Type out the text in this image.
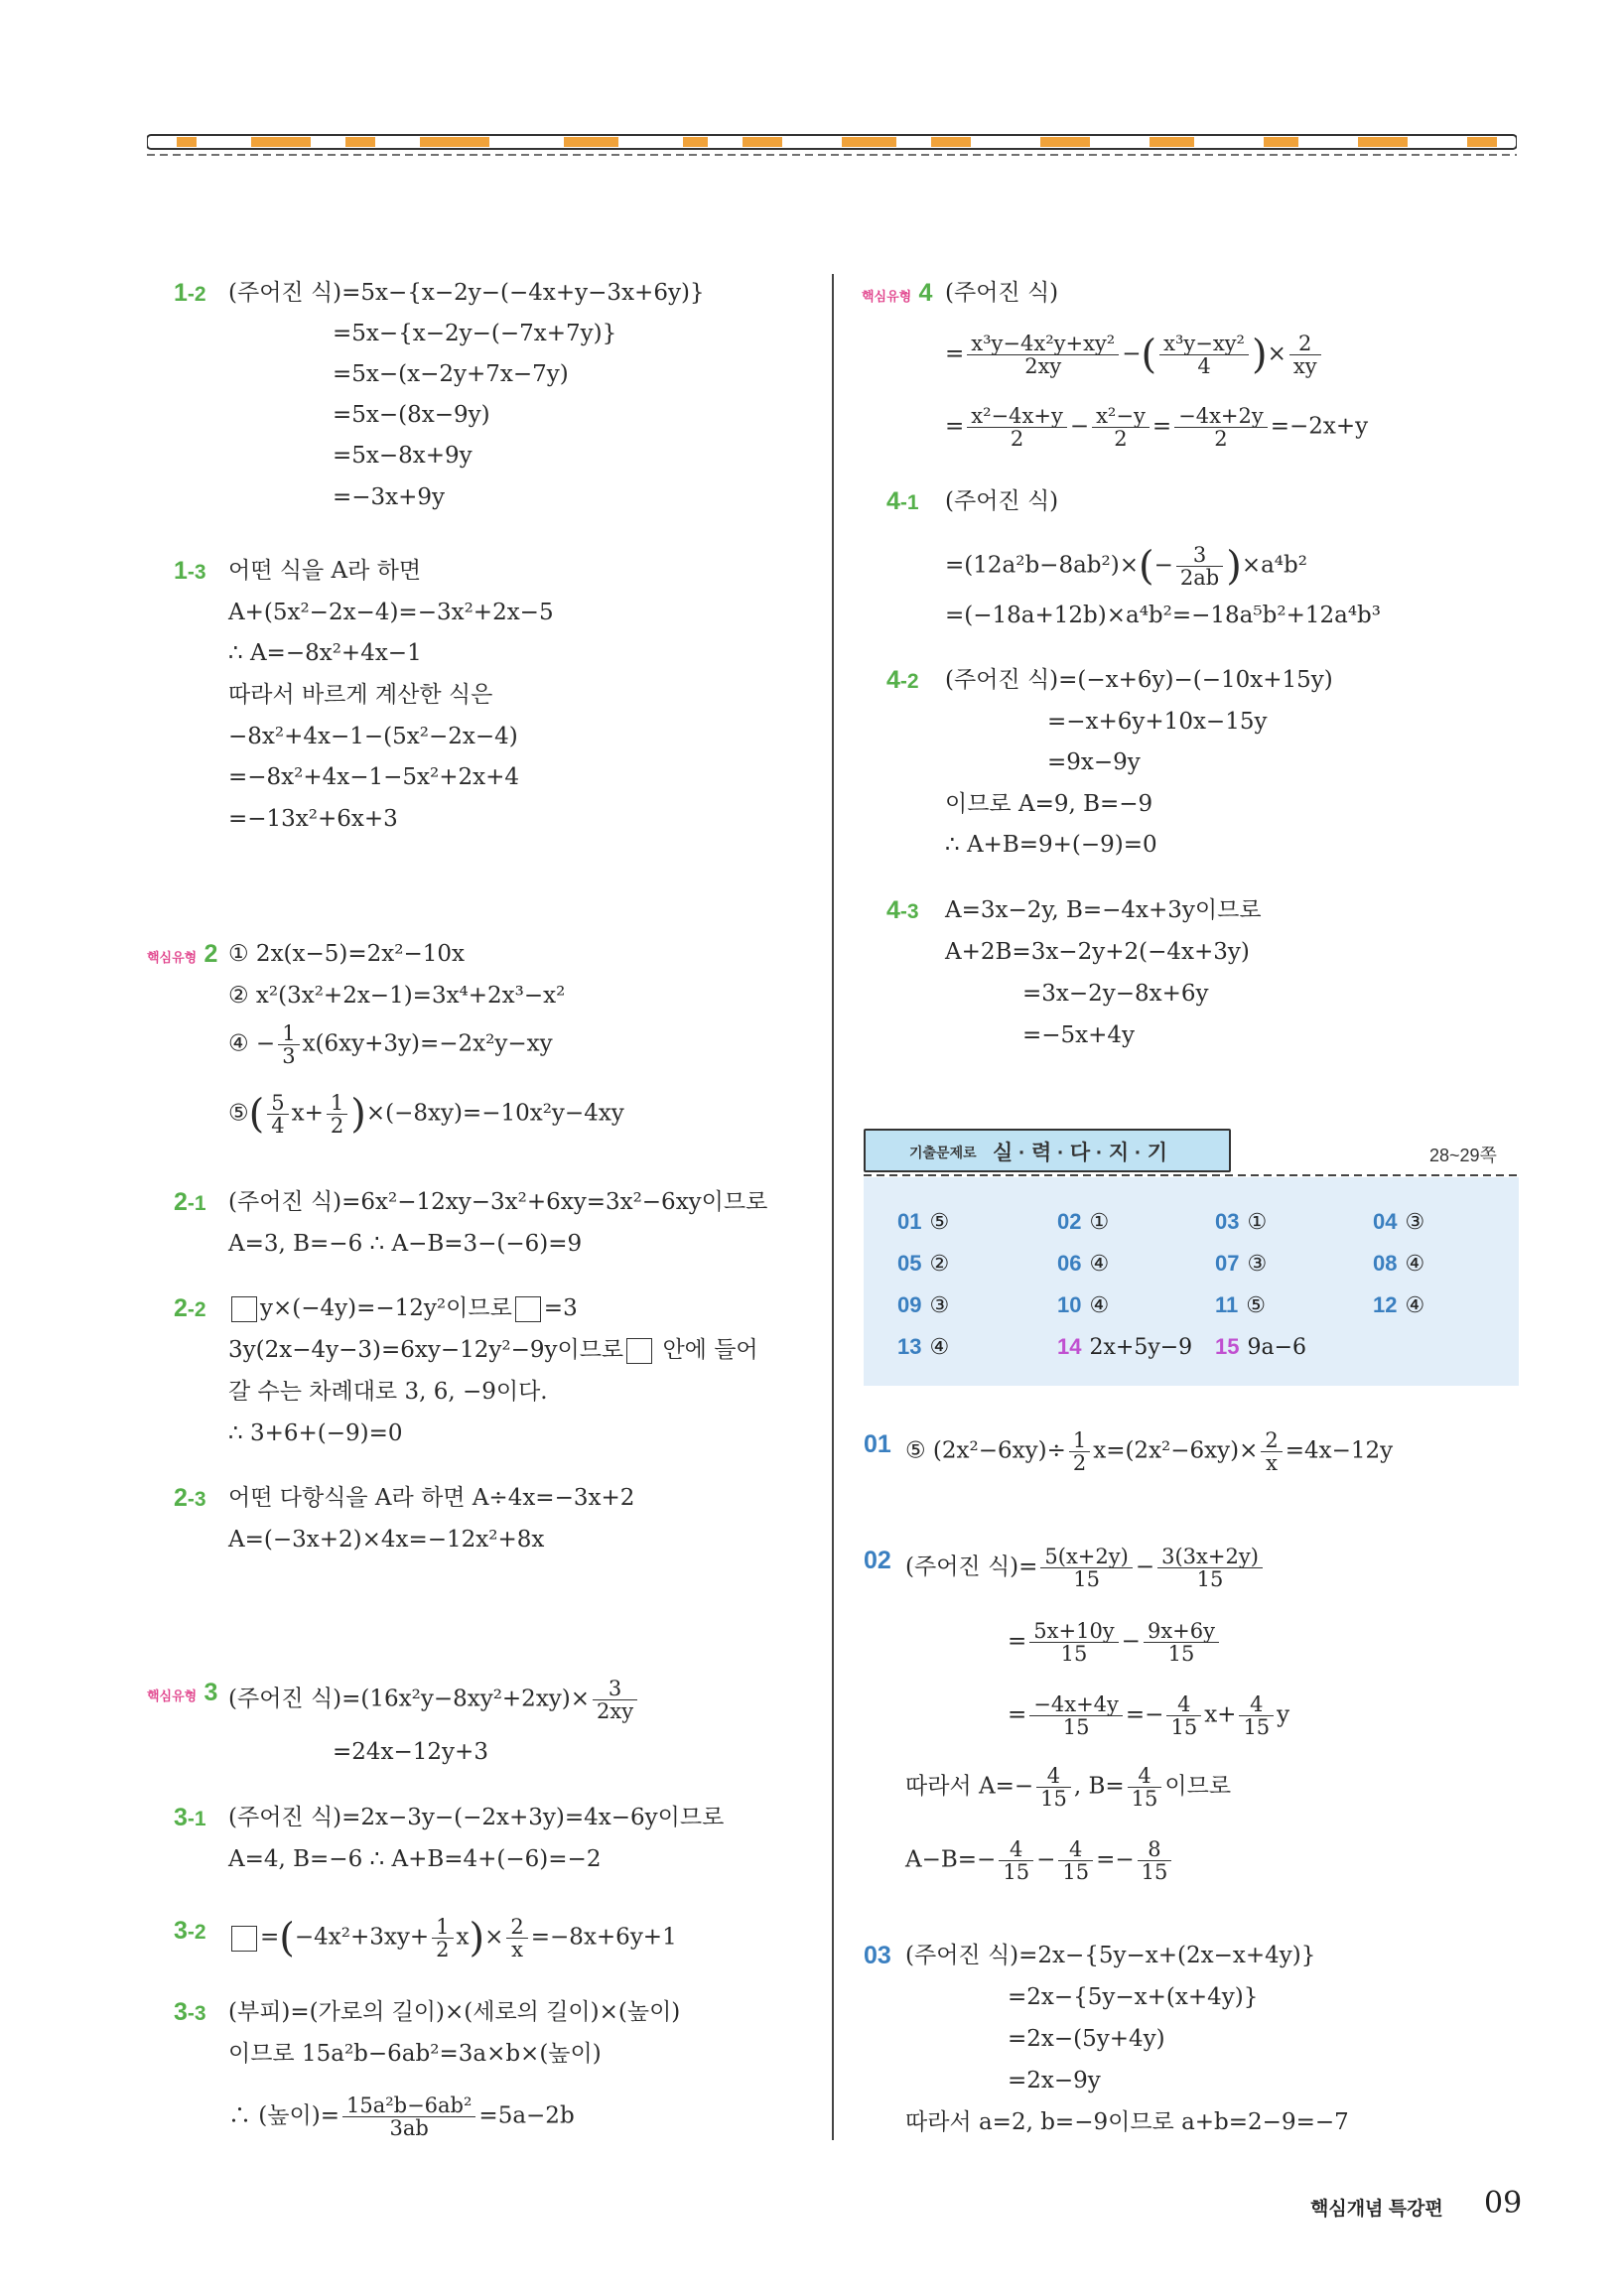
1-2 (주어진 식)=5x−{x−2y−(−4x+y−3x+6y)}
=5x−{x−2y−(−7x+7y)}
=5x−(x−2y+7x−7y)
=5x−(8x−9y)
=5x−8x+9y
=−3x+9y
1-3 어떤 식을 A라 하면
A+(5x²−2x−4)=−3x²+2x−5
∴ A=−8x²+4x−1
따라서 바르게 계산한 식은
−8x²+4x−1−(5x²−2x−4)
=−8x²+4x−1−5x²+2x+4
=−13x²+6x+3
핵심유형 2 ① 2x(x−5)=2x²−10x
② x²(3x²+2x−1)=3x⁴+2x³−x²
④ − $\frac{1}{3} x(6xy+3y)=-2x^2y-xy$
⑤( $\frac{5}{4} x+ \frac{1}{2} )\times(-8xy)=-10x^2y-4xy$
2-1 (주어진 식)=6x²−12xy−3x²+6xy=3x²−6xy이므로
A=3, B=−6 ∴ A−B=3−(−6)=9
2-2	y×(−4y)=−12y²이므로 =3
3y(2x−4y−3)=6xy−12y²−9y이므로 안에 들어
갈 수는 차례대로 3, 6, −9이다.
∴ 3+6+(−9)=0
2-3 어떤 다항식을 A라 하면 A÷4x=−3x+2
A=(−3x+2)×4x=−12x²+8x
핵심유형 3 (주어진 식)$=(16x^2y-8xy^2+2xy)\times \frac{3}{2xy}$
=24x−12y+3
3-1 (주어진 식)=2x−3y−(−2x+3y)=4x−6y이므로
A=4, B=−6 ∴ A+B=4+(−6)=−2
3-2	$=(-4x^2+3xy+ \frac{1}{2} x)\times \frac{2}{x} =-8x+6y+1$
3-3 (부피)=(가로의 길이)×(세로의 길이)×(높이)
이므로 15a²b−6ab²=3a×b×(높이)
∴ (높이)= $\frac{\text{15a²b−6ab²}}{3ab} =5a-2b$
핵심유형 4 (주어진 식)
= $\frac{\text{x³y−4x²y+xy²}}{2xy}$ −( $\frac{\text{x³y−xy²}}{4}$ )× $\frac{2}{xy}$
= $\frac{\text{x²−4x+y}}{2} - \frac{\text{x²−y}}{2} = \frac{-4x+2y}{2} =-2x+y$
4-1 (주어진 식)
$=(12a^2b-8ab^2)\times(- \frac{3}{2ab} )\times a^4b^2$
=(−18a+12b)×a⁴b²=−18a⁵b²+12a⁴b³
4-2 (주어진 식)=(−x+6y)−(−10x+15y)
=−x+6y+10x−15y
=9x−9y
이므로 A=9, B=−9
∴ A+B=9+(−9)=0
4-3 A=3x−2y, B=−4x+3y이므로
A+2B=3x−2y+2(−4x+3y)
=3x−2y−8x+6y
=−5x+4y
기출문제로 실 · 력 · 다 · 지 · 기	28~29쪽
01 ⑤	02 ①	03 ①	04 ③
05 ②	06 ④	07 ③	08 ④
09 ③	10 ④	11 ⑤	12 ④
13 ④	14 2x+5y−9 15 9a−6
01 ⑤ $(2x^2-6xy)\div \frac{1}{2} x=(2x^2-6xy)\times \frac{2}{x} =4x-12y$
02 (주어진 식)= $\frac{5(x+2y)}{15} - \frac{3(3x+2y)}{15}$
= $\frac{5x+10y}{15} - \frac{9x+6y}{15}$
= $\frac{-4x+4y}{15} =- \frac{4}{15} x+ \frac{4}{15}$ y
따라서 $A=- \frac{4}{15}$ , $B= \frac{4}{15}$ 이므로
$A-B=- \frac{4}{15} - \frac{4}{15} =- \frac{8}{15}$
03 (주어진 식)=2x−{5y−x+(2x−x+4y)}
=2x−{5y−x+(x+4y)}
=2x−(5y+4y)
=2x−9y
따라서 a=2, b=−9이므로 a+b=2−9=−7
핵심개념 특강편 09
